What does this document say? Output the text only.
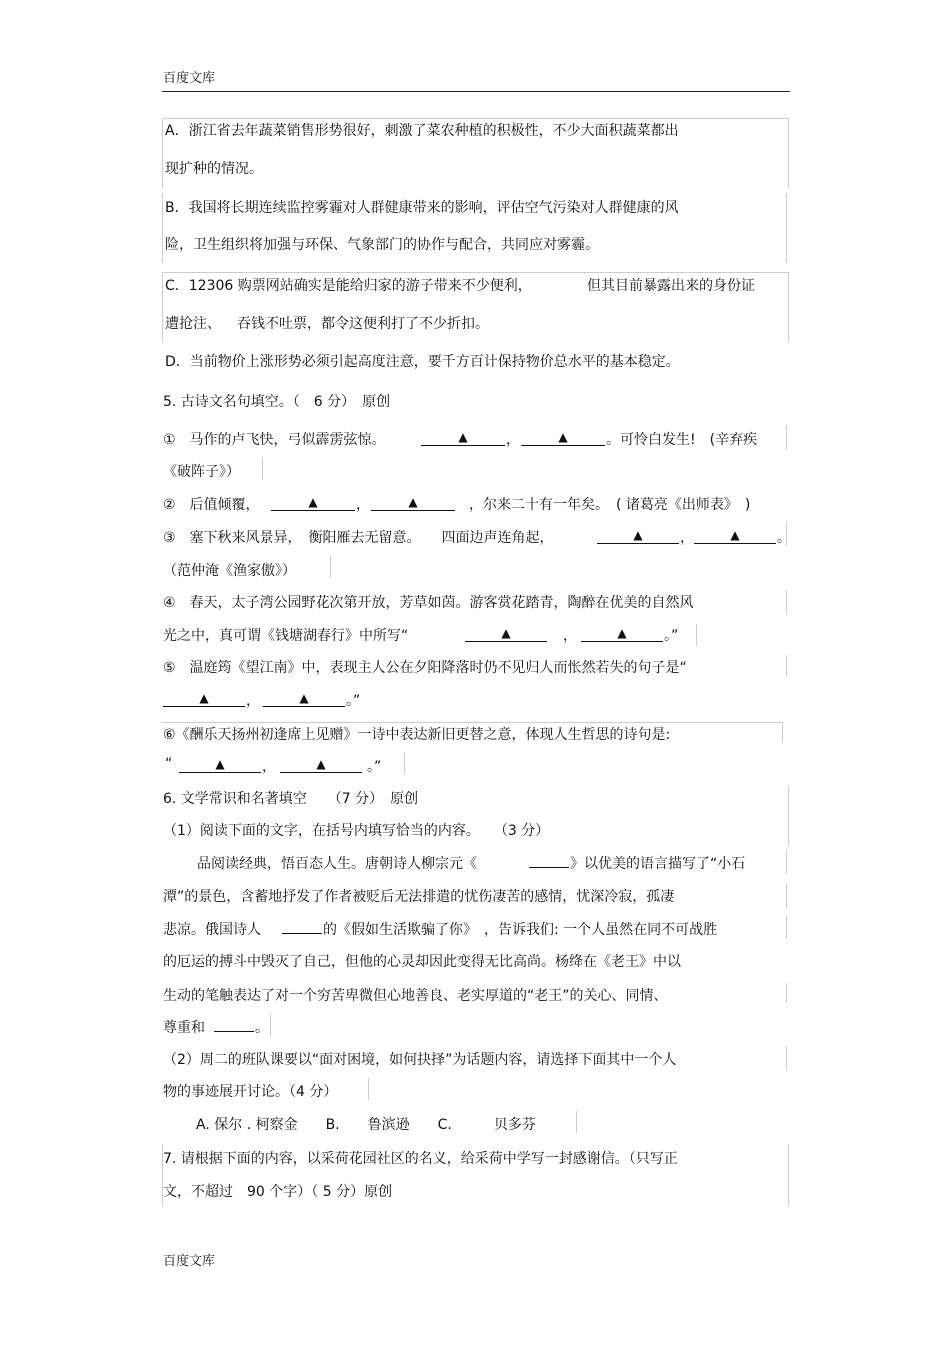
百度文库
A．浙江省去年蔬菜销售形势很好，刺激了菜农种植的积极性，不少大面积蔬菜都出
现扩种的情况。
B．我国将长期连续监控雾霾对人群健康带来的影响，评估空气污染对人群健康的风
险，卫生组织将加强与环保、气象部门的协作与配合，共同应对雾霾。
C．12306 购票网站确实是能给归家的游子带来不少便利，	但其目前暴露出来的身份证
遭抢注、 吞钱不吐票，都令这便利打了不少折扣。
D．当前物价上涨形势必须引起高度注意，要千方百计保持物价总水平的基本稳定。
5. 古诗文名句填空。（　6 分）　原创
①　马作的卢飞快，弓似霹雳弦惊。	▲	，	▲	。可怜白发生!　(辛弃疾
《破阵子》）
②　后值倾覆，	▲	，	▲	，尔来二十有一年矣。　( 诸葛亮《出师表》　)
③　塞下秋来风景异，　衡阳雁去无留意。　　四面边声连角起，	▲	，	▲	。
（范仲淹《渔家傲》）
④　春天，太子湾公园野花次第开放，芳草如茵。游客赏花踏青，陶醉在优美的自然风
光之中，真可谓《钱塘湖春行》中所写“	▲	，	▲	。”
⑤　温庭筠《望江南》中，表现主人公在夕阳降落时仍不见归人而怅然若失的句子是“
▲	，	▲	。”
⑥《酬乐天扬州初逢席上见赠》一诗中表达新旧更替之意，体现人生哲思的诗句是:
“	▲	，	▲	。”
6. 文学常识和名著填空　　（7 分）　原创
（1）阅读下面的文字，在括号内填写恰当的内容。　　（3 分）
品阅读经典，悟百态人生。唐朝诗人柳宗元《	》以优美的语言描写了“小石
潭”的景色，含蓄地抒发了作者被贬后无法排遣的忧伤凄苦的感情，忧深冷寂，孤凄
悲凉。俄国诗人	的《假如生活欺骗了你》　，告诉我们: 一个人虽然在同不可战胜
的厄运的搏斗中毁灭了自己，但他的心灵却因此变得无比高尚。杨绛在《老王》中以
生动的笔触表达了对一个穷苦卑微但心地善良、老实厚道的“老王”的关心、同情、
尊重和	。
（2）周二的班队课要以“面对困境，如何抉择”为话题内容，请选择下面其中一个人
物的事迹展开讨论。（4 分）
A. 保尔 . 柯察金　　B.　　鲁滨逊　　C.　　　贝多芬
7. 请根据下面的内容，以采荷花园社区的名义，给采荷中学写一封感谢信。（只写正
文，不超过　90 个字）（ 5 分）原创
百度文库
